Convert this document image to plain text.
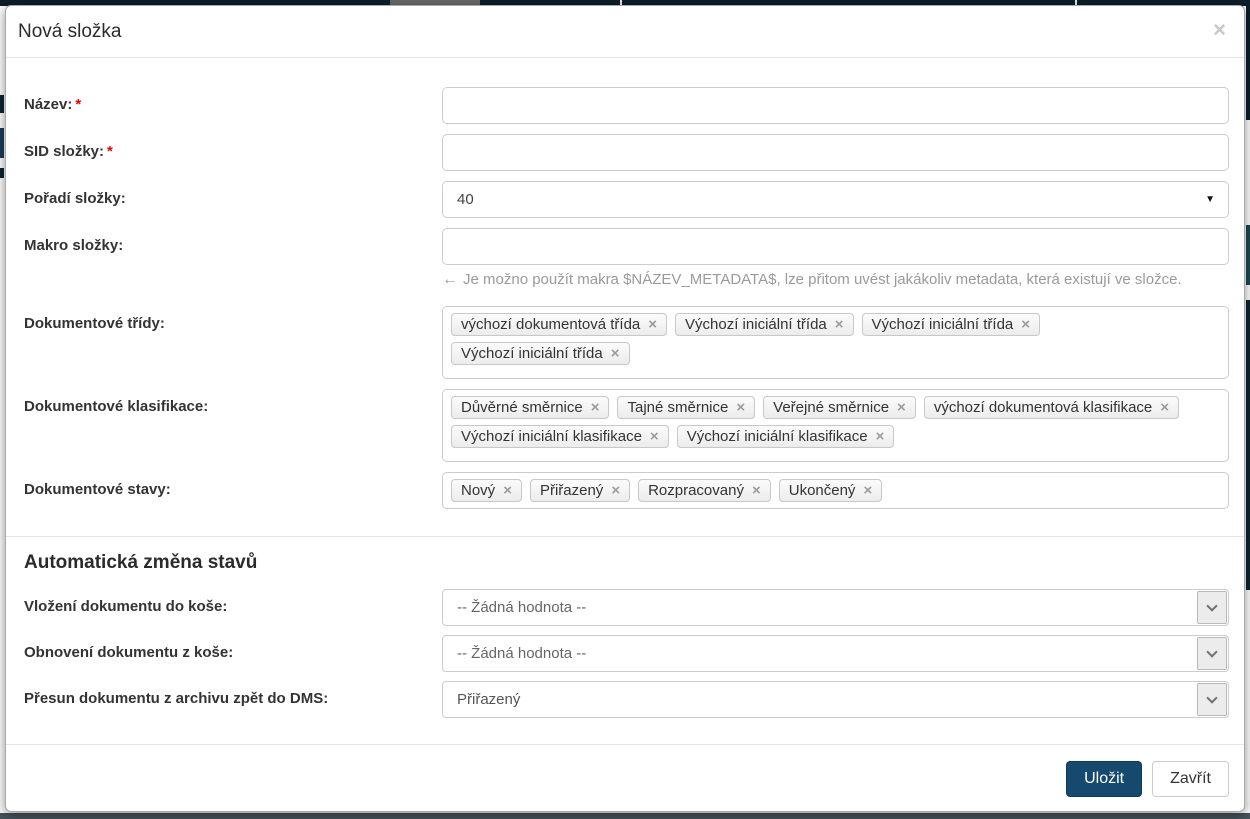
Nová složka	×
Název: *
SID složky: *
Pořadí složky:	40	▼
Makro složky:
← Je možno použít makra $NÁZEV_METADATA$, lze přitom uvést jakákoliv metadata, která existují ve složce.
Dokumentové třídy:	výchozí dokumentová třída × Výchozí iniciální třída × Výchozí iniciální třída ×
Výchozí iniciální třída ×
Dokumentové klasifikace:	Důvěrné směrnice × Tajné směrnice × Veřejné směrnice × výchozí dokumentová klasifikace ×
Výchozí iniciální klasifikace × Výchozí iniciální klasifikace ×
Dokumentové stavy:	Nový × Přiřazený × Rozpracovaný × Ukončený ×
Automatická změna stavů
Vložení dokumentu do koše:	-- Žádná hodnota --
Obnovení dokumentu z koše:	-- Žádná hodnota --
Přesun dokumentu z archivu zpět do DMS:	Přiřazený
Uložit	Zavřít
